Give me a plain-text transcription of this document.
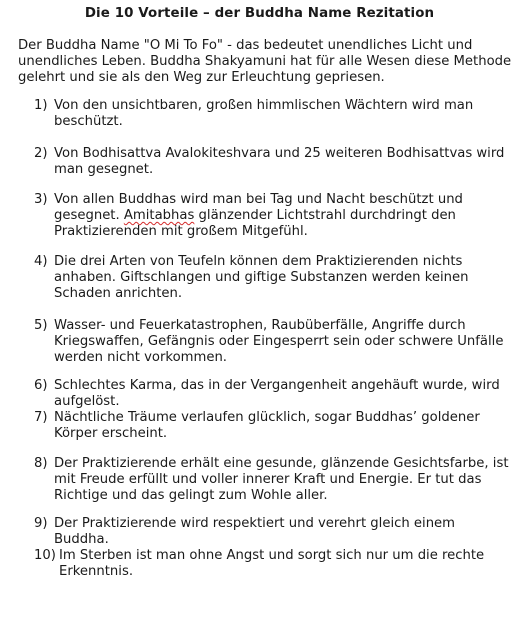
Die 10 Vorteile – der Buddha Name Rezitation
Der Buddha Name "O Mi To Fo" - das bedeutet unendliches Licht und unendliches Leben. Buddha Shakyamuni hat für alle Wesen diese Methode gelehrt und sie als den Weg zur Erleuchtung gepriesen.
1) Von den unsichtbaren, großen himmlischen Wächtern wird man beschützt.
2) Von Bodhisattva Avalokiteshvara und 25 weiteren Bodhisattvas wird man gesegnet.
3) Von allen Buddhas wird man bei Tag und Nacht beschützt und gesegnet. Amitabhas glänzender Lichtstrahl durchdringt den Praktizierenden mit großem Mitgefühl.
4) Die drei Arten von Teufeln können dem Praktizierenden nichts anhaben. Giftschlangen und giftige Substanzen werden keinen Schaden anrichten.
5) Wasser- und Feuerkatastrophen, Raubüberfälle, Angriffe durch Kriegswaffen, Gefängnis oder Eingesperrt sein oder schwere Unfälle werden nicht vorkommen.
6) Schlechtes Karma, das in der Vergangenheit angehäuft wurde, wird aufgelöst.
7) Nächtliche Träume verlaufen glücklich, sogar Buddhas’ goldener Körper erscheint.
8) Der Praktizierende erhält eine gesunde, glänzende Gesichtsfarbe, ist mit Freude erfüllt und voller innerer Kraft und Energie. Er tut das Richtige und das gelingt zum Wohle aller.
9) Der Praktizierende wird respektiert und verehrt gleich einem Buddha.
10) Im Sterben ist man ohne Angst und sorgt sich nur um die rechte Erkenntnis.
